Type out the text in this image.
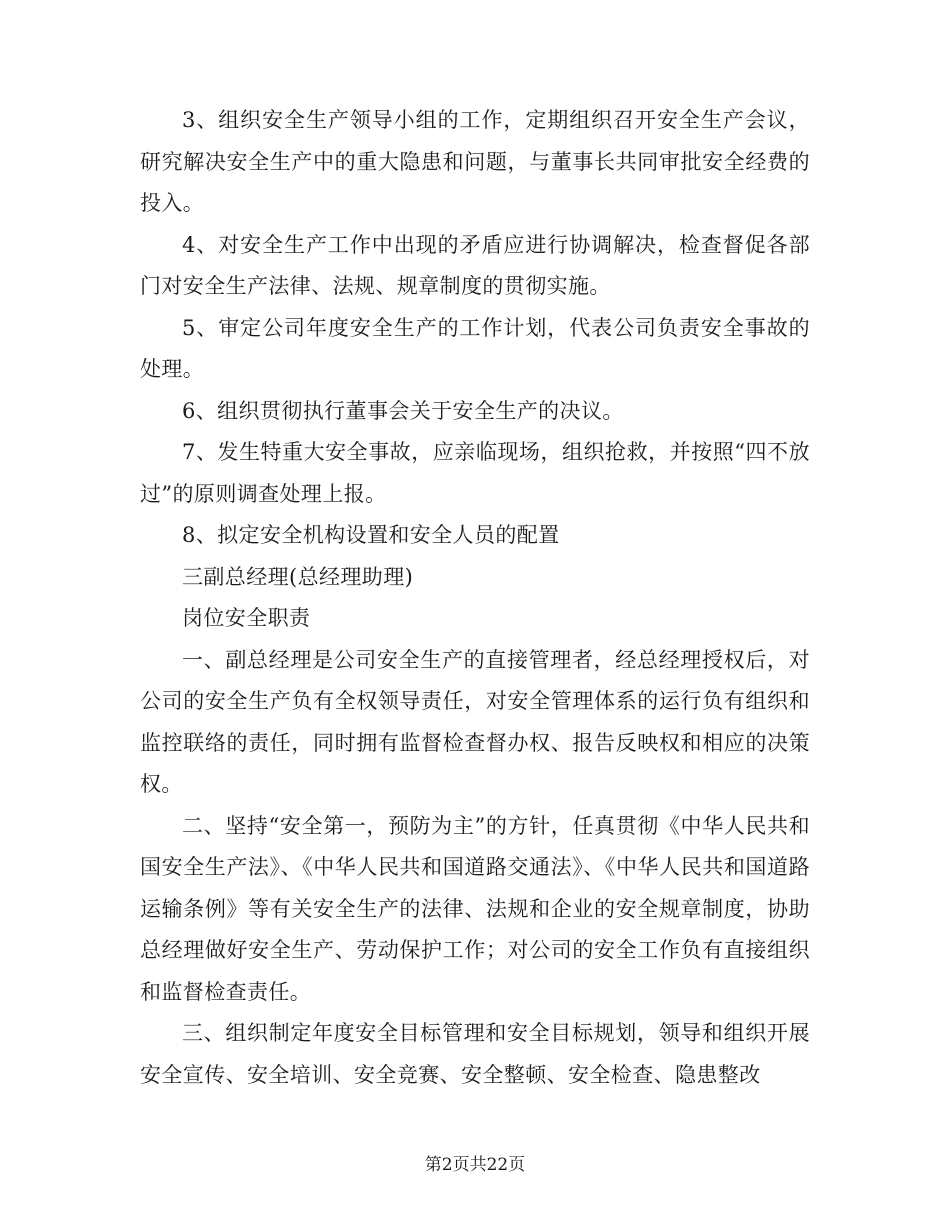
3、组织安全生产领导小组的工作，定期组织召开安全生产会议，研究解决安全生产中的重大隐患和问题，与董事长共同审批安全经费的投入。

4、对安全生产工作中出现的矛盾应进行协调解决，检查督促各部门对安全生产法律、法规、规章制度的贯彻实施。

5、审定公司年度安全生产的工作计划，代表公司负责安全事故的处理。

6、组织贯彻执行董事会关于安全生产的决议。

7、发生特重大安全事故，应亲临现场，组织抢救，并按照“四不放过”的原则调查处理上报。

8、拟定安全机构设置和安全人员的配置

三副总经理(总经理助理)

岗位安全职责

一、副总经理是公司安全生产的直接管理者，经总经理授权后，对公司的安全生产负有全权领导责任，对安全管理体系的运行负有组织和监控联络的责任，同时拥有监督检查督办权、报告反映权和相应的决策权。

二、坚持“安全第一，预防为主”的方针，任真贯彻《中华人民共和国安全生产法》、《中华人民共和国道路交通法》、《中华人民共和国道路运输条例》等有关安全生产的法律、法规和企业的安全规章制度，协助总经理做好安全生产、劳动保护工作；对公司的安全工作负有直接组织和监督检查责任。

三、组织制定年度安全目标管理和安全目标规划，领导和组织开展安全宣传、安全培训、安全竞赛、安全整顿、安全检查、隐患整改

第2页共22页
